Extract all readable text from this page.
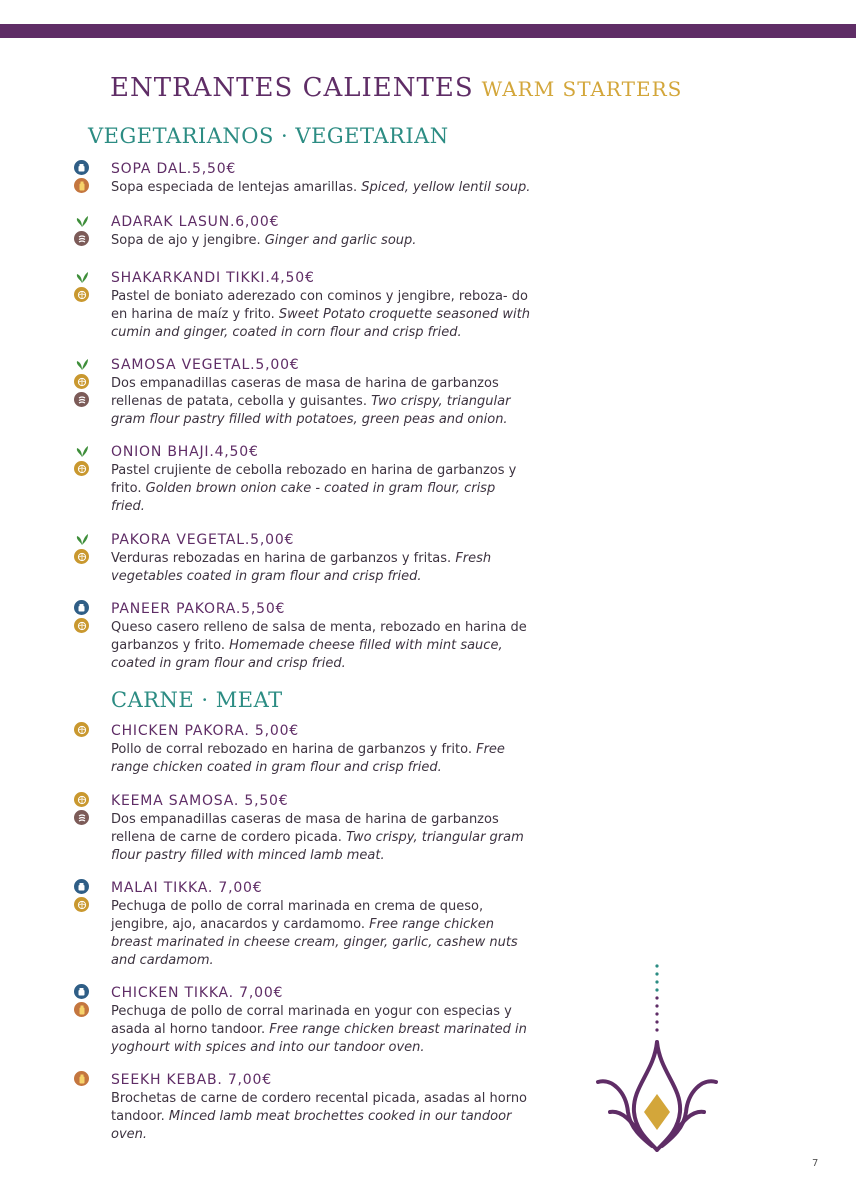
ENTRANTES CALIENTES WARM STARTERS
VEGETARIANOS · VEGETARIAN
SOPA DAL.5,50€
Sopa especiada de lentejas amarillas. Spiced, yellow lentil soup.
ADARAK LASUN.6,00€
Sopa de ajo y jengibre. Ginger and garlic soup.
SHAKARKANDI TIKKI.4,50€
Pastel de boniato aderezado con cominos y jengibre, reboza- do en harina de maíz y frito. Sweet Potato croquette seasoned with cumin and ginger, coated in corn flour and crisp fried.
SAMOSA VEGETAL.5,00€
Dos empanadillas caseras de masa de harina de garbanzos rellenas de patata, cebolla y guisantes. Two crispy, triangular gram flour pastry filled with potatoes, green peas and onion.
ONION BHAJI.4,50€
Pastel crujiente de cebolla rebozado en harina de garbanzos y frito. Golden brown onion cake - coated in gram flour, crisp fried.
PAKORA VEGETAL.5,00€
Verduras rebozadas en harina de garbanzos y fritas. Fresh vegetables coated in gram flour and crisp fried.
PANEER PAKORA.5,50€
Queso casero relleno de salsa de menta, rebozado en harina de garbanzos y frito. Homemade cheese filled with mint sauce, coated in gram flour and crisp fried.
CARNE · MEAT
CHICKEN PAKORA. 5,00€
Pollo de corral rebozado en harina de garbanzos y frito. Free range chicken coated in gram flour and crisp fried.
KEEMA SAMOSA. 5,50€
Dos empanadillas caseras de masa de harina de garbanzos rellena de carne de cordero picada. Two crispy, triangular gram flour pastry filled with minced lamb meat.
MALAI TIKKA. 7,00€
Pechuga de pollo de corral marinada en crema de queso, jengibre, ajo, anacardos y cardamomo. Free range chicken breast marinated in cheese cream, ginger, garlic, cashew nuts and cardamom.
CHICKEN TIKKA. 7,00€
Pechuga de pollo de corral marinada en yogur con especias y asada al horno tandoor. Free range chicken breast marinated in yoghourt with spices and into our tandoor oven.
SEEKH KEBAB. 7,00€
Brochetas de carne de cordero recental picada, asadas al horno tandoor. Minced lamb meat brochettes cooked in our tandoor oven.
7
